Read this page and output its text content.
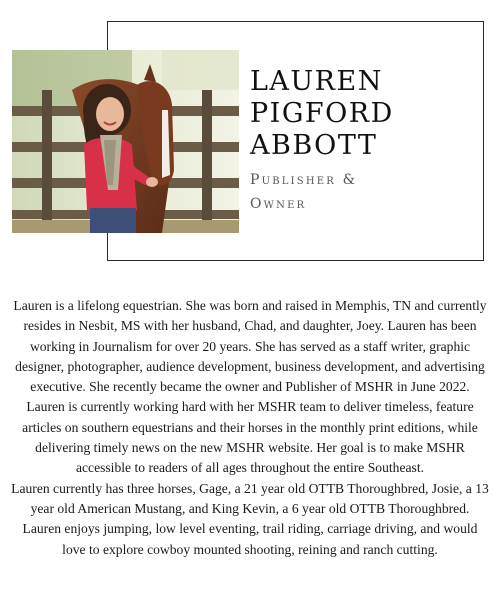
LAUREN
PIGFORD
ABBOTT
Publisher &
Owner

Lauren is a lifelong equestrian. She was born and raised in Memphis, TN and currently resides in Nesbit, MS with her husband, Chad, and daughter, Joey. Lauren has been working in Journalism for over 20 years. She has served as a staff writer, graphic designer, photographer, audience development, business development, and advertising executive. She recently became the owner and Publisher of MSHR in June 2022.

Lauren is currently working hard with her MSHR team to deliver timeless, feature articles on southern equestrians and their horses in the monthly print editions, while delivering timely news on the new MSHR website. Her goal is to make MSHR accessible to readers of all ages throughout the entire Southeast.

Lauren currently has three horses, Gage, a 21 year old OTTB Thoroughbred, Josie, a 13 year old American Mustang, and King Kevin, a 6 year old OTTB Thoroughbred. Lauren enjoys jumping, low level eventing, trail riding, carriage driving, and would love to explore cowboy mounted shooting, reining and ranch cutting.
